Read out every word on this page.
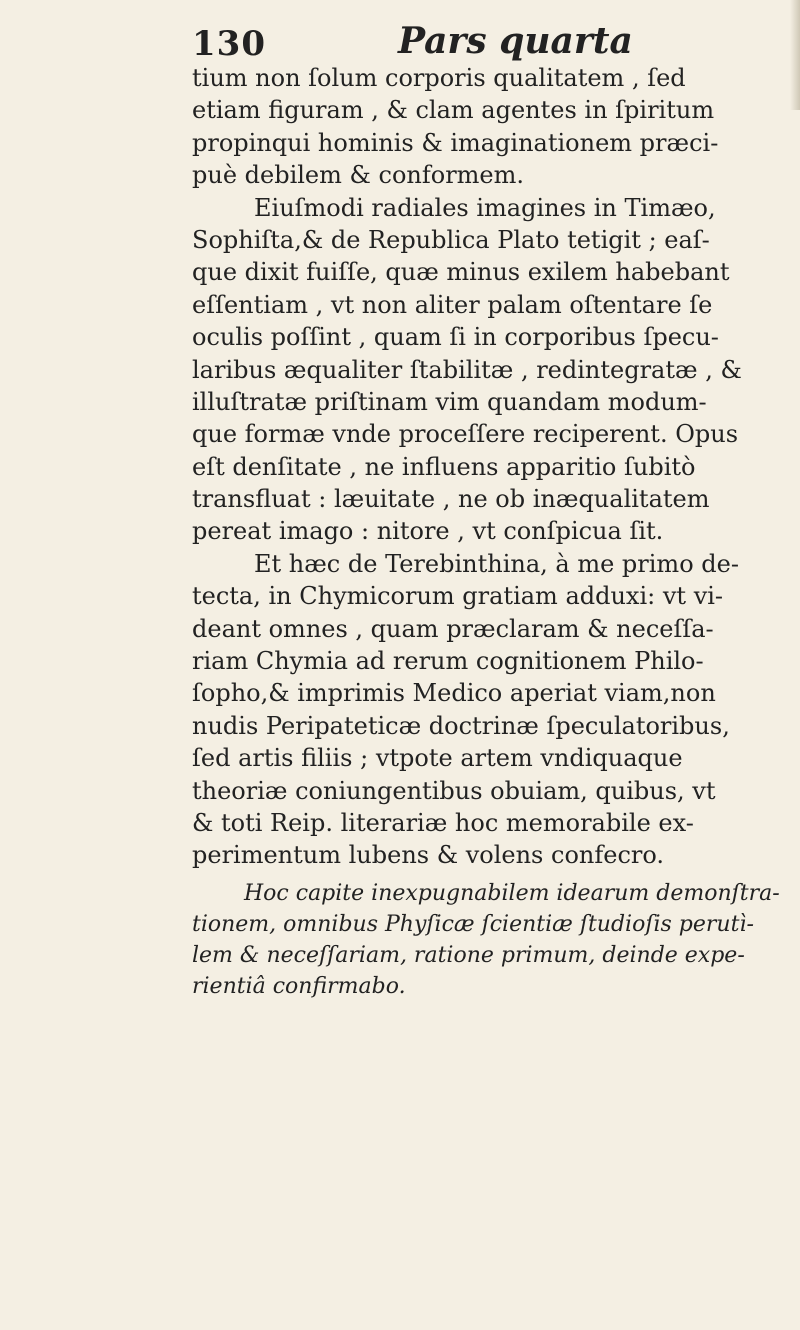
130	Pars quarta
tium non ſolum corporis qualitatem , ſed
etiam figuram , & clam agentes in ſpiritum
propinqui hominis & imaginationem præci-
puè debilem & conformem.
Eiuſmodi radiales imagines in Timæo,
Sophiſta,& de Republica Plato tetigit ; eaſ-
que dixit fuiſſe, quæ minus exilem habebant
eſſentiam , vt non aliter palam oſtentare ſe
oculis poſſint , quam ſi in corporibus ſpecu-
laribus æqualiter ſtabilitæ , redintegratæ , &
illuſtratæ priſtinam vim quandam modum-
que formæ vnde proceſſere reciperent. Opus
eſt denſitate , ne influens apparitio ſubitò
transfluat : læuitate , ne ob inæqualitatem
pereat imago : nitore , vt conſpicua ſit.
Et hæc de Terebinthina, à me primo de-
tecta, in Chymicorum gratiam adduxi: vt vi-
deant omnes , quam præclaram & neceſſa-
riam Chymia ad rerum cognitionem Philo-
ſopho,& imprimis Medico aperiat viam,non
nudis Peripateticæ doctrinæ ſpeculatoribus,
ſed artis filiis ; vtpote artem vndiquaque
theoriæ coniungentibus obuiam, quibus, vt
& toti Reip. literariæ hoc memorabile ex-
perimentum lubens & volens confecro.
Hoc capite inexpugnabilem idearum demonſtra-
tionem, omnibus Phyſicæ ſcientiæ ſtudioſis perutì-
lem & neceſſariam, ratione primum, deinde expe-
rientiâ confirmabo.
